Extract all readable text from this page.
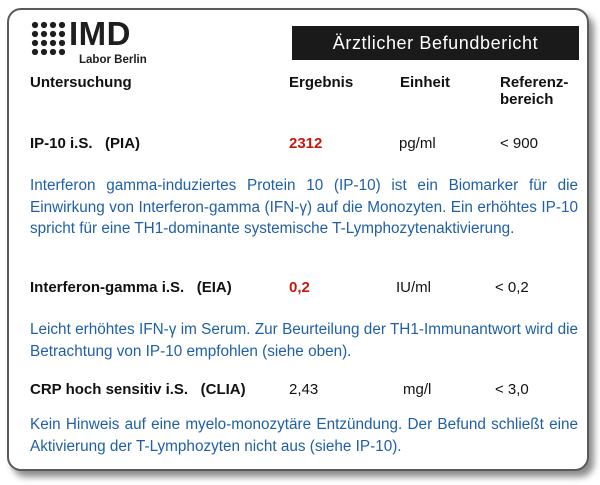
IMD
Labor Berlin
Ärztlicher Befundbericht
Untersuchung	Ergebnis	Einheit	Referenz-
bereich
IP-10 i.S. (PIA)	2312	pg/ml	< 900
Interferon gamma-induziertes Protein 10 (IP-10) ist ein Biomarker für die Einwirkung von Interferon-gamma (IFN-γ) auf die Monozyten. Ein erhöhtes IP-10 spricht für eine TH1-dominante systemische T-Lymphozytenaktivierung.
Interferon-gamma i.S. (EIA)	0,2	IU/ml	< 0,2
Leicht erhöhtes IFN-γ im Serum. Zur Beurteilung der TH1-Immunantwort wird die Betrachtung von IP-10 empfohlen (siehe oben).
CRP hoch sensitiv i.S. (CLIA)	2,43	mg/l	< 3,0
Kein Hinweis auf eine myelo-monozytäre Entzündung. Der Befund schließt eine Aktivierung der T-Lymphozyten nicht aus (siehe IP-10).
